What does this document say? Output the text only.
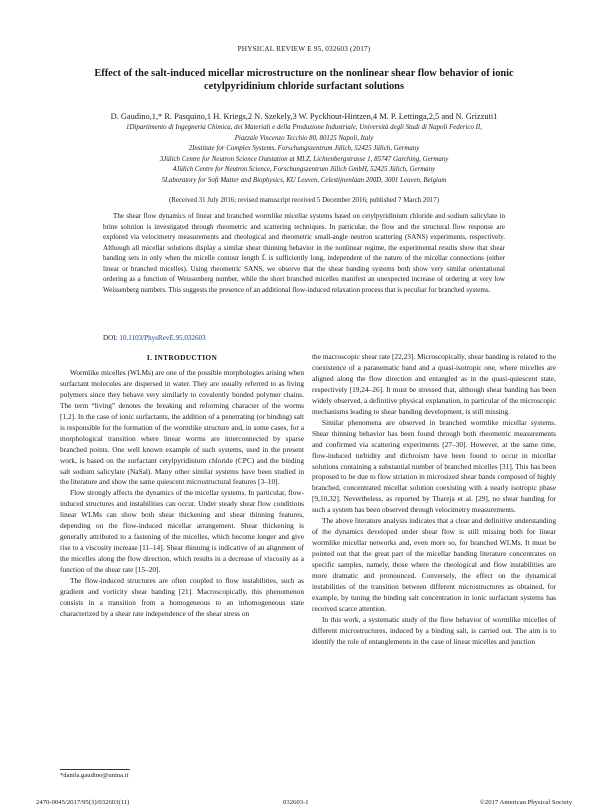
PHYSICAL REVIEW E 95, 032603 (2017)
Effect of the salt-induced micellar microstructure on the nonlinear shear flow behavior of ionic cetylpyridinium chloride surfactant solutions
D. Gaudino,1,* R. Pasquino,1 H. Kriegs,2 N. Szekely,3 W. Pyckhout-Hintzen,4 M. P. Lettinga,2,5 and N. Grizzuti1
1Dipartimento di Ingegneria Chimica, dei Materiali e della Produzione Industriale, Università degli Studi di Napoli Federico II,
Piazzale Vincenzo Tecchio 80, 80125 Napoli, Italy
2Institute for Complex Systems, Forschungszentrum Jülich, 52425 Jülich, Germany
3Jülich Centre for Neutron Science Outstation at MLZ, Lichtenbergstrasse 1, 85747 Garching, Germany
4Jülich Centre for Neutron Science, Forschungszentrum Jülich GmbH, 52425 Jülich, Germany
5Laboratory for Soft Matter and Biophysics, KU Leuven, Celestijnenlaan 200D, 3001 Leuven, Belgium
(Received 31 July 2016; revised manuscript received 5 December 2016; published 7 March 2017)
The shear flow dynamics of linear and branched wormlike micellar systems based on cetylpyridinium chloride and sodium salicylate in brine solution is investigated through rheometric and scattering techniques. In particular, the flow and the structural flow response are explored via velocimetry measurements and rheological and rheometric small-angle neutron scattering (SANS) experiments, respectively. Although all micellar solutions display a similar shear thinning behavior in the nonlinear regime, the experimental results show that shear banding sets in only when the micelle contour length L̄ is sufficiently long, independent of the nature of the micellar connections (either linear or branched micelles). Using rheometric SANS, we observe that the shear banding systems both show very similar orientational ordering as a function of Weissenberg number, while the short branched micelles manifest an unexpected increase of ordering at very low Weissenberg numbers. This suggests the presence of an additional flow-induced relaxation process that is peculiar for branched systems.
DOI: 10.1103/PhysRevE.95.032603
I. INTRODUCTION

Wormlike micelles (WLMs) are one of the possible morphologies arising when surfactant molecules are dispersed in water. They are usually referred to as living polymers since they behave very similarly to covalently bonded polymer chains. The term “living” denotes the breaking and reforming character of the worms [1,2]. In the case of ionic surfactants, the addition of a penetrating (or binding) salt is responsible for the formation of the wormlike structure and, in some cases, for a morphological transition where linear worms are interconnected by sparse branched points. One well known example of such systems, used in the present work, is based on the surfactant cetylpyridinium chloride (CPC) and the binding salt sodium salicylate (NaSal). Many other similar systems have been studied in the literature and show the same quiescent microstructural features [3–10].

Flow strongly affects the dynamics of the micellar systems. In particular, flow-induced structures and instabilities can occur. Under steady shear flow conditions linear WLMs can show both shear thickening and shear thinning features, depending on the flow-induced micellar arrangement. Shear thickening is generally attributed to a fastening of the micelles, which become longer and give rise to a viscosity increase [11–14]. Shear thinning is indicative of an alignment of the micelles along the flow direction, which results in a decrease of viscosity as a function of the shear rate [15–20].

The flow-induced structures are often coupled to flow instabilities, such as gradient and vorticity shear banding [21]. Macroscopically, this phenomenon consists in a transition from a homogeneous to an inhomogeneous state characterized by a shear rate independence of the shear stress on

the macroscopic shear rate [22,23]. Microscopically, shear banding is related to the coexistence of a paranematic band and a quasi-isotropic one, where micelles are aligned along the flow direction and entangled as in the quasi-quiescent state, respectively [19,24–26]. It must be stressed that, although shear banding has been widely observed, a definitive physical explanation, in particular of the microscopic mechanisms leading to shear banding development, is still missing.

Similar phenomena are observed in branched wormlike micellar systems. Shear thinning behavior has been found through both rheometric measurements and confirmed via scattering experiments [27–30]. However, at the same time, flow-induced turbidity and dichroism have been found to occur in micellar solutions containing a substantial number of branched micelles [31]. This has been proposed to be due to flow striation in microsized shear bands composed of highly branched, concentrated micellar solution coexisting with a nearly isotropic phase [9,10,32]. Nevertheless, as reported by Thareja et al. [29], no shear banding for such a system has been observed through velocimetry measurements.

The above literature analysis indicates that a clear and definitive understanding of the dynamics developed under shear flow is still missing both for linear wormlike micellar networks and, even more so, for branched WLMs. It must be pointed out that the great part of the micellar banding literature concentrates on specific samples, namely, those where the rheological and flow instabilities are more dramatic and pronounced. Conversely, the effect on the dynamical instabilities of the transition between different microstructures as obtained, for example, by tuning the binding salt concentration in ionic surfactant systems has received scarce attention.

In this work, a systematic study of the flow behavior of wormlike micelles of different microstructures, induced by a binding salt, is carried out. The aim is to identify the role of entanglements in the case of linear micelles and junction

*danila.gaudino@unina.it
2470-0045/2017/95(3)/032603(11)	032603-1	©2017 American Physical Society
